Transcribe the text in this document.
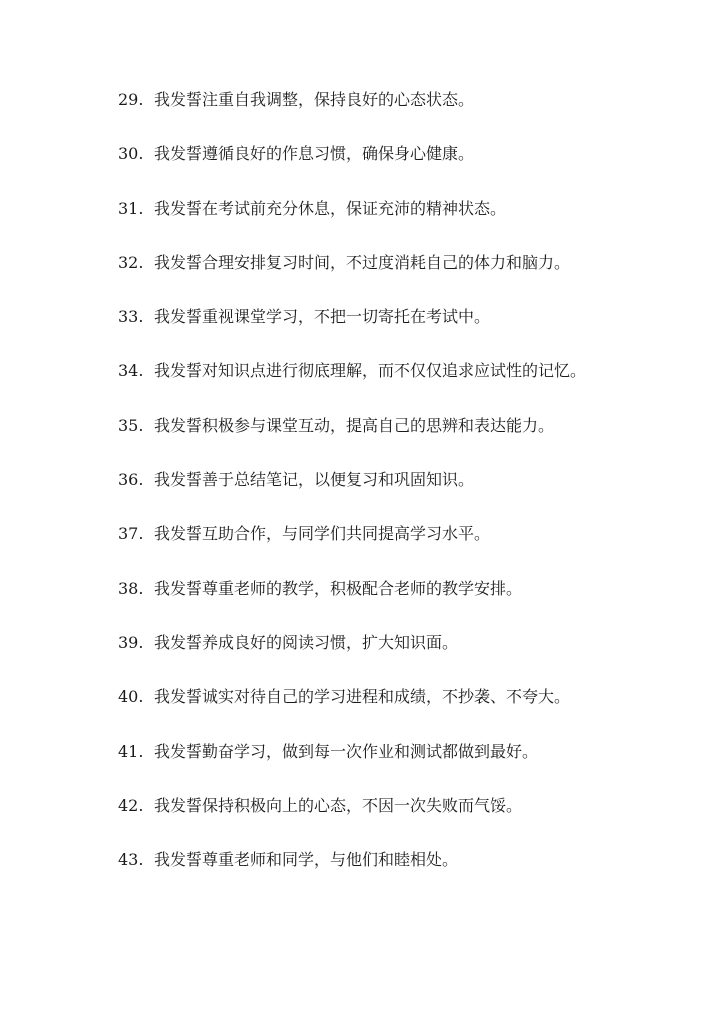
29. 我发誓注重自我调整，保持良好的心态状态。
30. 我发誓遵循良好的作息习惯，确保身心健康。
31. 我发誓在考试前充分休息，保证充沛的精神状态。
32. 我发誓合理安排复习时间，不过度消耗自己的体力和脑力。
33. 我发誓重视课堂学习，不把一切寄托在考试中。
34. 我发誓对知识点进行彻底理解，而不仅仅追求应试性的记忆。
35. 我发誓积极参与课堂互动，提高自己的思辨和表达能力。
36. 我发誓善于总结笔记，以便复习和巩固知识。
37. 我发誓互助合作，与同学们共同提高学习水平。
38. 我发誓尊重老师的教学，积极配合老师的教学安排。
39. 我发誓养成良好的阅读习惯，扩大知识面。
40. 我发誓诚实对待自己的学习进程和成绩，不抄袭、不夸大。
41. 我发誓勤奋学习，做到每一次作业和测试都做到最好。
42. 我发誓保持积极向上的心态，不因一次失败而气馁。
43. 我发誓尊重老师和同学，与他们和睦相处。
